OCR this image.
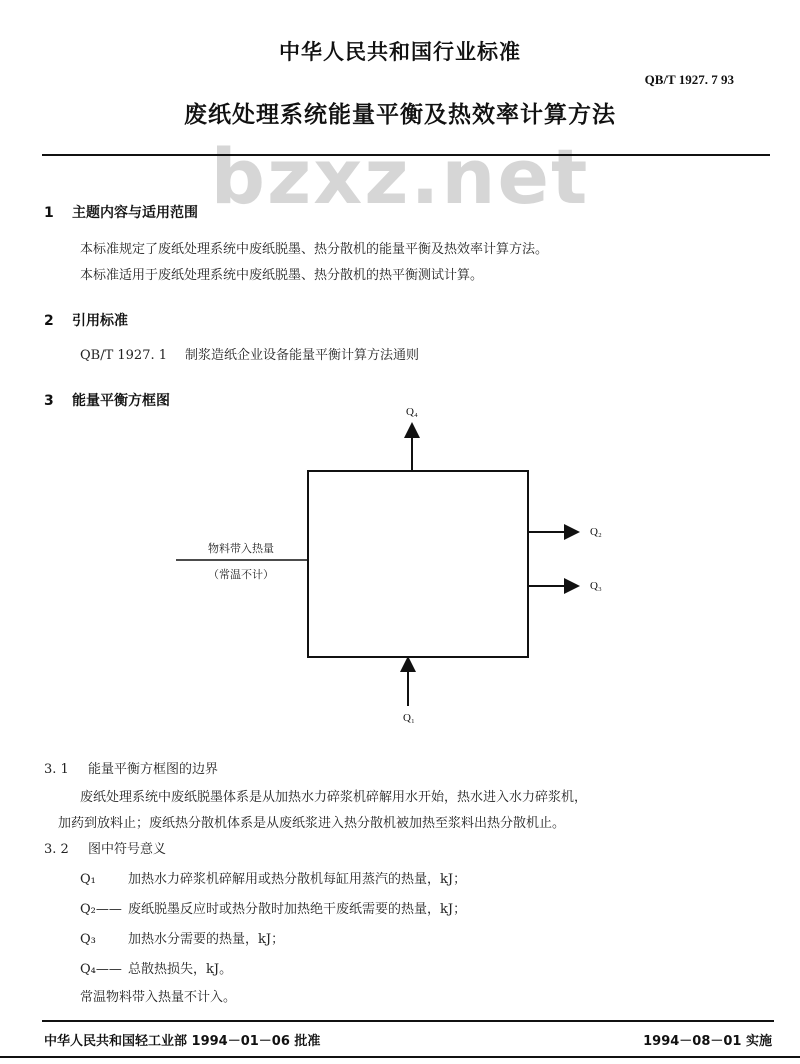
中华人民共和国行业标准
QB/T 1927. 7 93
bzxz.net
废纸处理系统能量平衡及热效率计算方法
1 主题内容与适用范围
本标准规定了废纸处理系统中废纸脱墨、热分散机的能量平衡及热效率计算方法。
本标准适用于废纸处理系统中废纸脱墨、热分散机的热平衡测试计算。
2 引用标准
QB/T 1927. 1 制浆造纸企业设备能量平衡计算方法通则
3 能量平衡方框图
Q₄
Q₂
Q₃
Q₁
物料带入热量
（常温不计）
3. 1 能量平衡方框图的边界
废纸处理系统中废纸脱墨体系是从加热水力碎浆机碎解用水开始，热水进入水力碎浆机，
加药到放料止；废纸热分散机体系是从废纸浆进入热分散机被加热至浆料出热分散机止。
3. 2 图中符号意义
Q₁ 加热水力碎浆机碎解用或热分散机每缸用蒸汽的热量，kJ；
Q₂—— 废纸脱墨反应时或热分散时加热绝干废纸需要的热量，kJ；
Q₃ 加热水分需要的热量，kJ；
Q₄—— 总散热损失，kJ。
常温物料带入热量不计入。
中华人民共和国轻工业部 1994－01－06 批准	1994－08－01 实施
